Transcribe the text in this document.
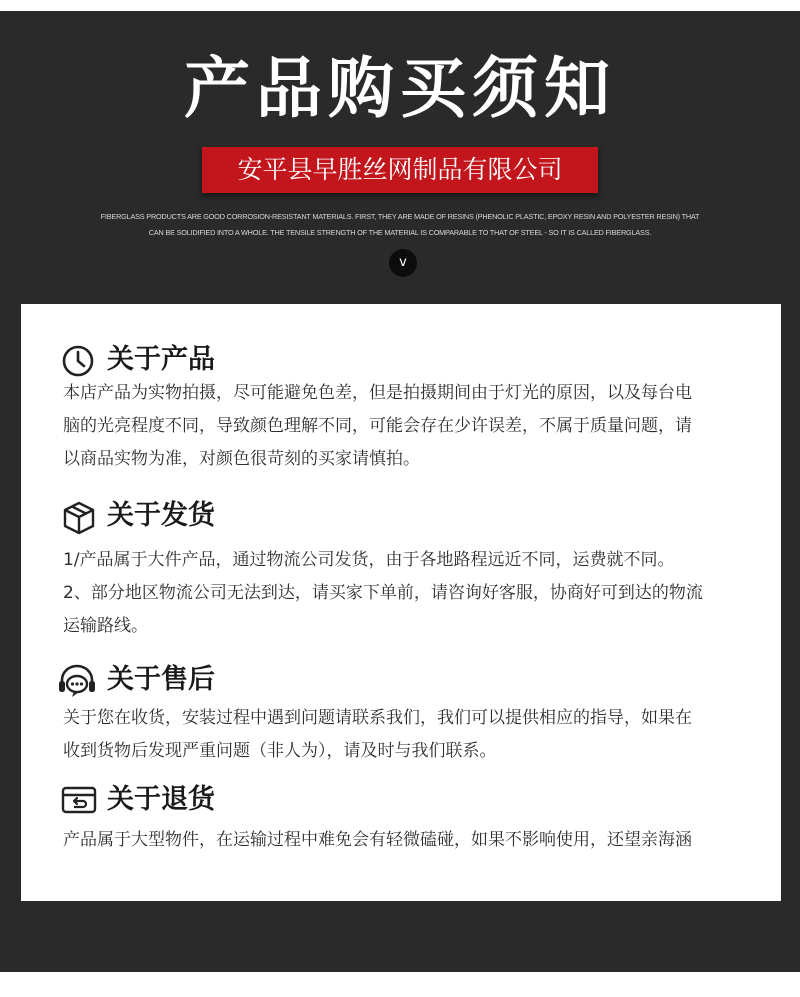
产品购买须知
安平县早胜丝网制品有限公司
FIBERGLASS PRODUCTS ARE GOOD CORROSION-RESISTANT MATERIALS. FIRST, THEY ARE MADE OF RESINS (PHENOLIC PLASTIC, EPOXY RESIN AND POLYESTER RESIN) THAT
CAN BE SOLIDIFIED INTO A WHOLE. THE TENSILE STRENGTH OF THE MATERIAL IS COMPARABLE TO THAT OF STEEL - SO IT IS CALLED FIBERGLASS.
v
关于产品
本店产品为实物拍摄，尽可能避免色差，但是拍摄期间由于灯光的原因，以及每台电
脑的光亮程度不同，导致颜色理解不同，可能会存在少许误差，不属于质量问题，请
以商品实物为准，对颜色很苛刻的买家请慎拍。
关于发货
1/产品属于大件产品，通过物流公司发货，由于各地路程远近不同，运费就不同。
2、部分地区物流公司无法到达，请买家下单前，请咨询好客服，协商好可到达的物流
运输路线。
关于售后
关于您在收货，安装过程中遇到问题请联系我们，我们可以提供相应的指导，如果在
收到货物后发现严重问题（非人为），请及时与我们联系。
关于退货
产品属于大型物件，在运输过程中难免会有轻微磕碰，如果不影响使用，还望亲海涵
